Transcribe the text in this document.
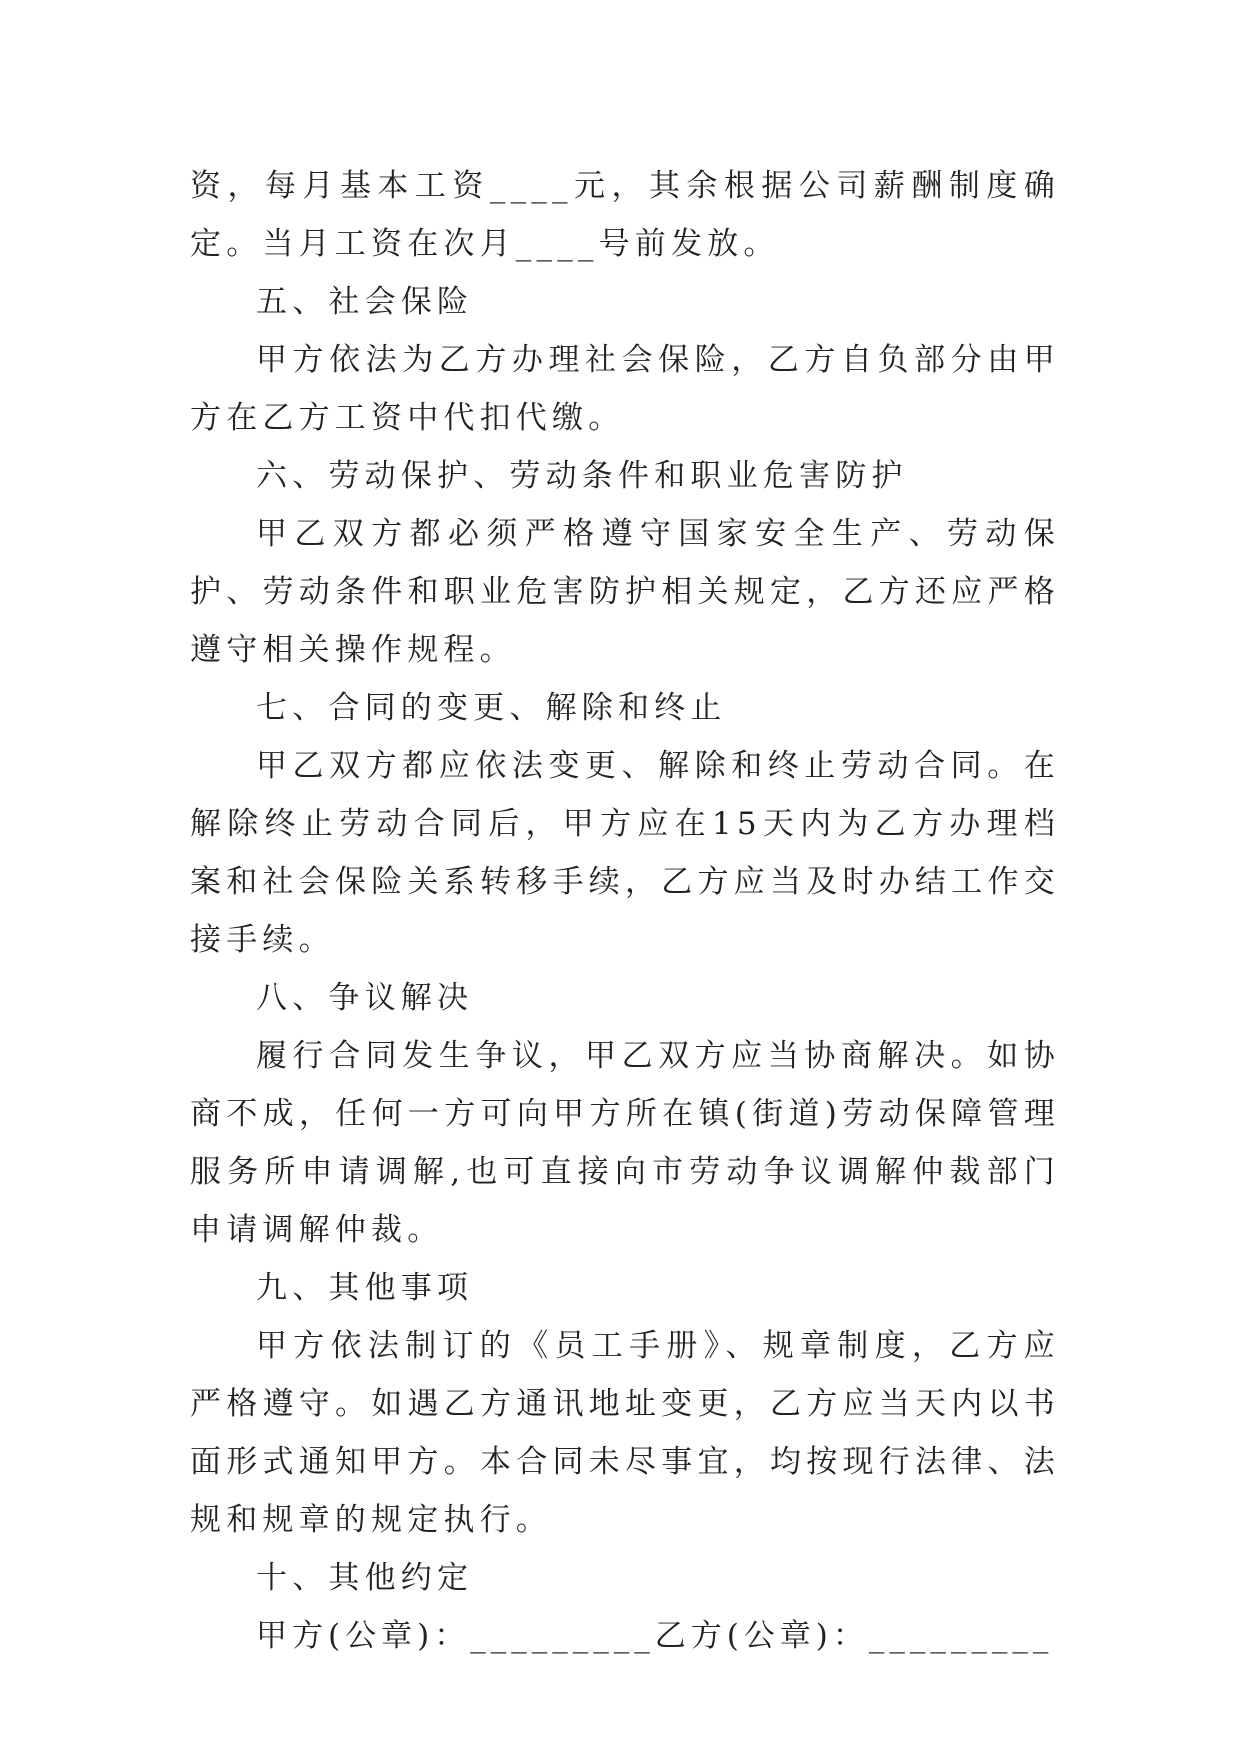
资，每月基本工资____元，其余根据公司薪酬制度确定。当月工资在次月____号前发放。

五、社会保险

甲方依法为乙方办理社会保险，乙方自负部分由甲方在乙方工资中代扣代缴。

六、劳动保护、劳动条件和职业危害防护

甲乙双方都必须严格遵守国家安全生产、劳动保护、劳动条件和职业危害防护相关规定，乙方还应严格遵守相关操作规程。

七、合同的变更、解除和终止

甲乙双方都应依法变更、解除和终止劳动合同。在解除终止劳动合同后，甲方应在15天内为乙方办理档案和社会保险关系转移手续，乙方应当及时办结工作交接手续。

八、争议解决

履行合同发生争议，甲乙双方应当协商解决。如协商不成，任何一方可向甲方所在镇(街道)劳动保障管理服务所申请调解,也可直接向市劳动争议调解仲裁部门申请调解仲裁。

九、其他事项

甲方依法制订的《员工手册》、规章制度，乙方应严格遵守。如遇乙方通讯地址变更，乙方应当天内以书面形式通知甲方。本合同未尽事宜，均按现行法律、法规和规章的规定执行。

十、其他约定

甲方(公章)：_________乙方(公章)：_________
